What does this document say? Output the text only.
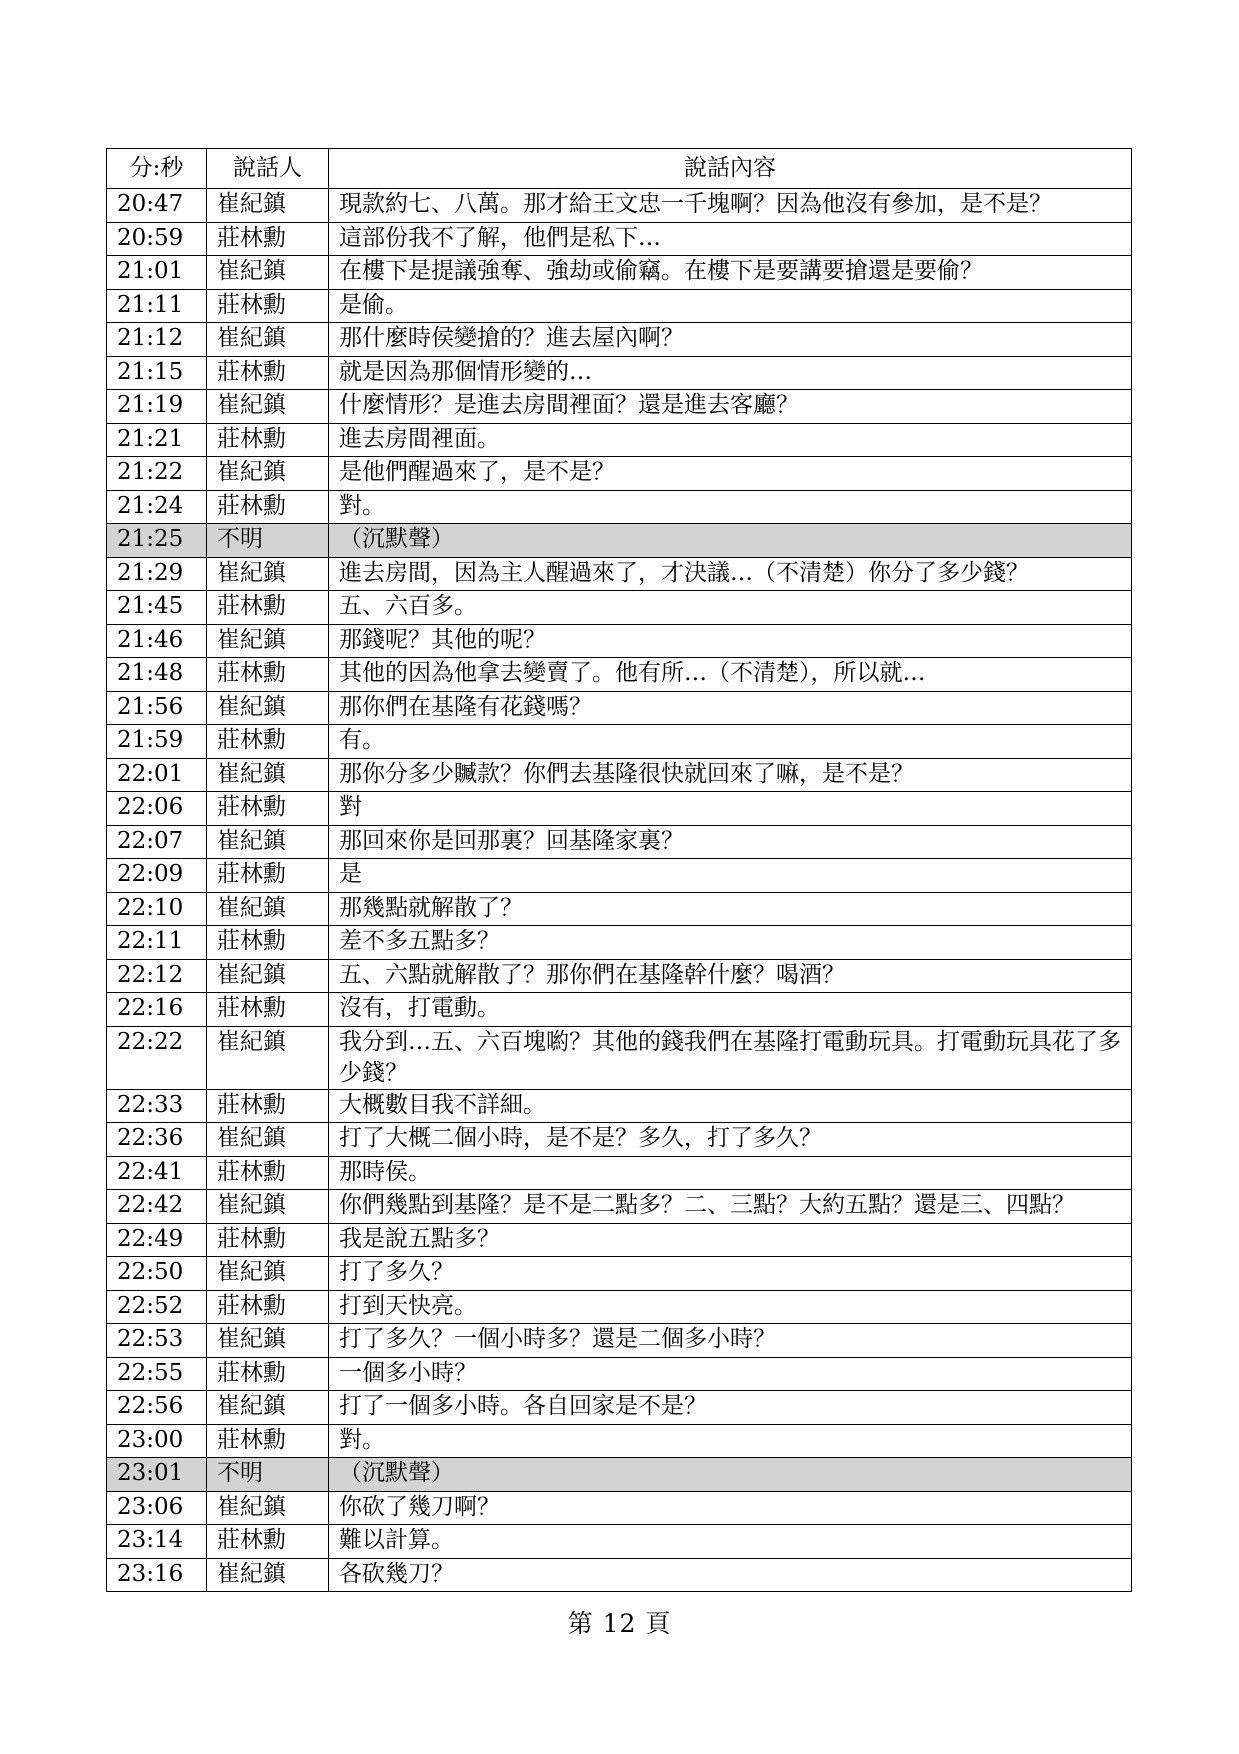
分:秒	說話人	說話內容
20:47	崔紀鎮	現款約七、八萬。那才給王文忠一千塊啊？因為他沒有參加，是不是？
20:59	莊林勳	這部份我不了解，他們是私下…
21:01	崔紀鎮	在樓下是提議強奪、強劫或偷竊。在樓下是要講要搶還是要偷？
21:11	莊林勳	是偷。
21:12	崔紀鎮	那什麼時侯變搶的？進去屋內啊？
21:15	莊林勳	就是因為那個情形變的…
21:19	崔紀鎮	什麼情形？是進去房間裡面？還是進去客廳？
21:21	莊林勳	進去房間裡面。
21:22	崔紀鎮	是他們醒過來了，是不是？
21:24	莊林勳	對。
21:25	不明	（沉默聲）
21:29	崔紀鎮	進去房間，因為主人醒過來了，才決議…（不清楚）你分了多少錢？
21:45	莊林勳	五、六百多。
21:46	崔紀鎮	那錢呢？其他的呢？
21:48	莊林勳	其他的因為他拿去變賣了。他有所…（不清楚），所以就…
21:56	崔紀鎮	那你們在基隆有花錢嗎？
21:59	莊林勳	有。
22:01	崔紀鎮	那你分多少贓款？你們去基隆很快就回來了嘛，是不是？
22:06	莊林勳	對
22:07	崔紀鎮	那回來你是回那裏？回基隆家裏？
22:09	莊林勳	是
22:10	崔紀鎮	那幾點就解散了？
22:11	莊林勳	差不多五點多？
22:12	崔紀鎮	五、六點就解散了？那你們在基隆幹什麼？喝酒？
22:16	莊林勳	沒有，打電動。
22:22	崔紀鎮	我分到…五、六百塊喲？其他的錢我們在基隆打電動玩具。打電動玩具花了多少錢？
22:33	莊林勳	大概數目我不詳細。
22:36	崔紀鎮	打了大概二個小時，是不是？多久，打了多久？
22:41	莊林勳	那時侯。
22:42	崔紀鎮	你們幾點到基隆？是不是二點多？二、三點？大約五點？還是三、四點？
22:49	莊林勳	我是說五點多？
22:50	崔紀鎮	打了多久？
22:52	莊林勳	打到天快亮。
22:53	崔紀鎮	打了多久？一個小時多？還是二個多小時？
22:55	莊林勳	一個多小時？
22:56	崔紀鎮	打了一個多小時。各自回家是不是？
23:00	莊林勳	對。
23:01	不明	（沉默聲）
23:06	崔紀鎮	你砍了幾刀啊？
23:14	莊林勳	難以計算。
23:16	崔紀鎮	各砍幾刀？
第 12 頁
